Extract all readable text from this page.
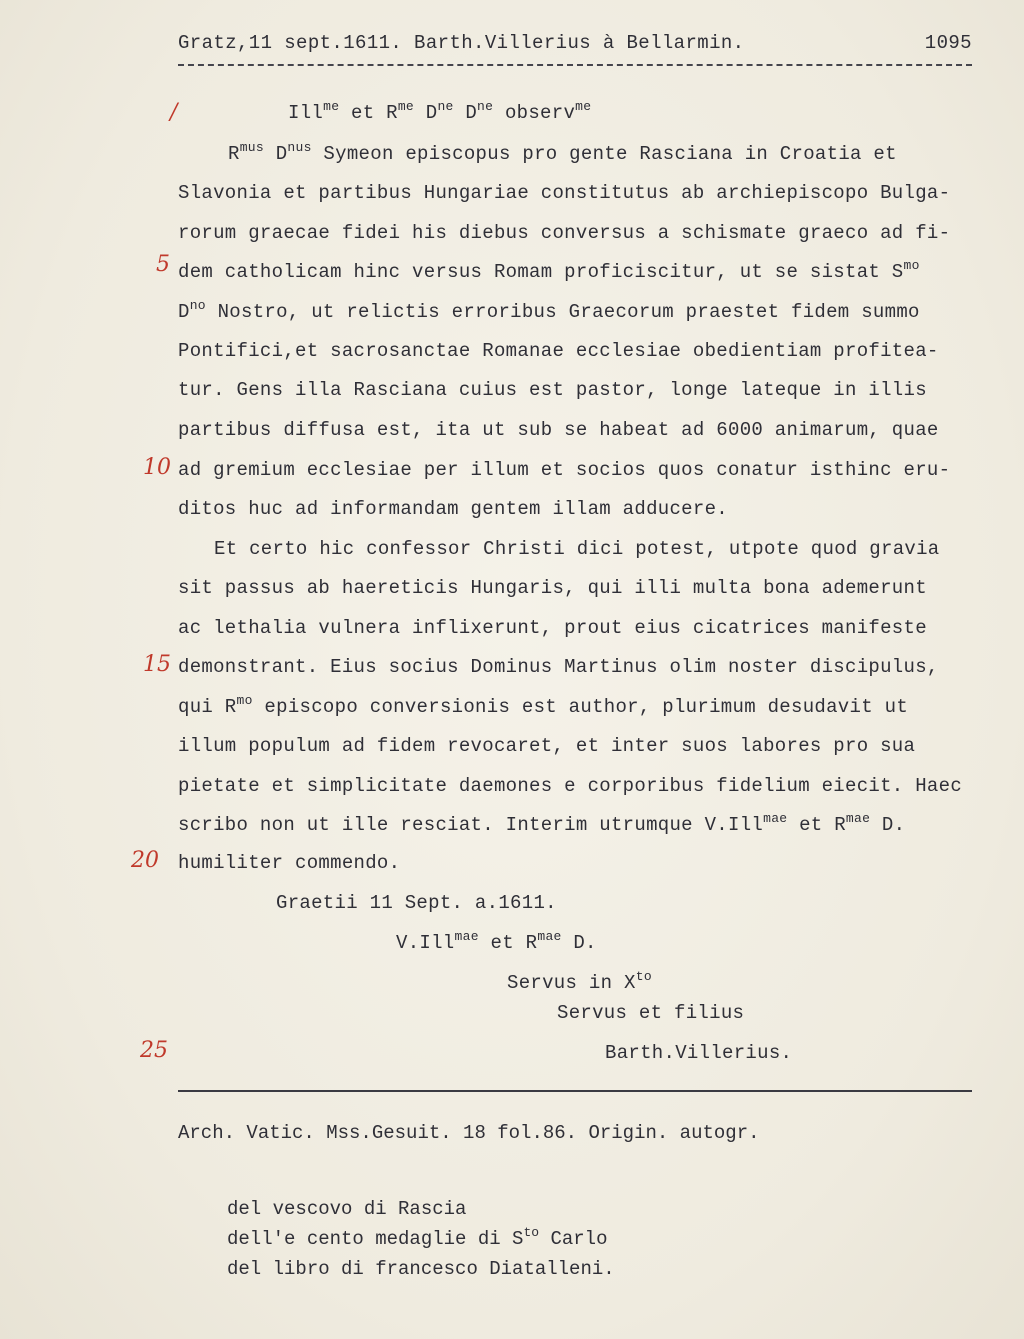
Gratz,11 sept.1611. Barth.Villerius à Bellarmin.	1095
/
5
10
15
20
25
Ill$^{me}$ et $R^{me}$ $D^{ne}$ $D^{ne}$ observ$^{me}$
$R^{mus}$ $D^{nus}$ Symeon episcopus pro gente Rasciana in Croatia et
Slavonia et partibus Hungariae constitutus ab archiepiscopo Bulga-
rorum graecae fidei his diebus conversus a schismate graeco ad fi-
dem catholicam hinc versus Romam proficiscitur, ut se sistat $S^{mo}$
$D^{no}$ Nostro, ut relictis erroribus Graecorum praestet fidem summo
Pontifici,et sacrosanctae Romanae ecclesiae obedientiam profitea-
tur. Gens illa Rasciana cuius est pastor, longe lateque in illis
partibus diffusa est, ita ut sub se habeat ad 6000 animarum, quae
ad gremium ecclesiae per illum et socios quos conatur isthinc eru-
ditos huc ad informandam gentem illam adducere.
Et certo hic confessor Christi dici potest, utpote quod gravia
sit passus ab haereticis Hungaris, qui illi multa bona ademerunt
ac lethalia vulnera inflixerunt, prout eius cicatrices manifeste
demonstrant. Eius socius Dominus Martinus olim noster discipulus,
qui $R^{mo}$ episcopo conversionis est author, plurimum desudavit ut
illum populum ad fidem revocaret, et inter suos labores pro sua
pietate et simplicitate daemones e corporibus fidelium eiecit. Haec
scribo non ut ille resciat. Interim utrumque V.Ill$^{mae}$ et $R^{mae}$ D.
humiliter commendo.
Graetii 11 Sept. a.1611.
V.Ill$^{mae}$ et $R^{mae}$ D.
Servus in $X^{to}$
Servus et filius
Barth.Villerius.
Arch. Vatic. Mss.Gesuit. 18 fol.86. Origin. autogr.
del vescovo di Rascia
dell'e cento medaglie di $S^{to}$ Carlo
del libro di francesco Diatalleni.
